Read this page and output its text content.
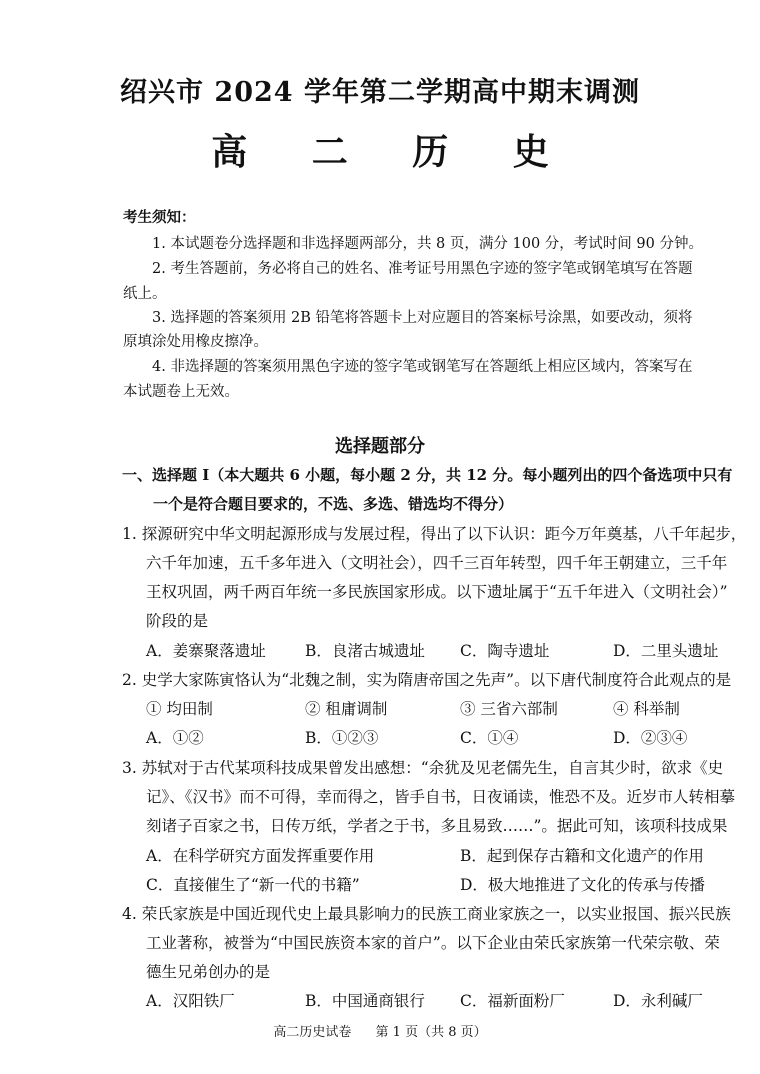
绍兴市 2024 学年第二学期高中期末调测
高 二 历 史
考生须知：
1. 本试题卷分选择题和非选择题两部分，共 8 页，满分 100 分，考试时间 90 分钟。
2. 考生答题前，务必将自己的姓名、准考证号用黑色字迹的签字笔或钢笔填写在答题
纸上。
3. 选择题的答案须用 2B 铅笔将答题卡上对应题目的答案标号涂黑，如要改动，须将
原填涂处用橡皮擦净。
4. 非选择题的答案须用黑色字迹的签字笔或钢笔写在答题纸上相应区域内，答案写在
本试题卷上无效。
选择题部分
一、选择题 I（本大题共 6 小题，每小题 2 分，共 12 分。每小题列出的四个备选项中只有
一个是符合题目要求的，不选、多选、错选均不得分）
1. 探源研究中华文明起源形成与发展过程，得出了以下认识：距今万年奠基，八千年起步，
六千年加速，五千多年进入（文明社会），四千三百年转型，四千年王朝建立，三千年
王权巩固，两千两百年统一多民族国家形成。以下遗址属于“五千年进入（文明社会）”
阶段的是
A．姜寨聚落遗址	B．良渚古城遗址 C．陶寺遗址	D．二里头遗址
2. 史学大家陈寅恪认为“北魏之制，实为隋唐帝国之先声”。以下唐代制度符合此观点的是
① 均田制	② 租庸调制	③ 三省六部制	④ 科举制
A．①②	B．①②③	C．①④	D．②③④
3. 苏轼对于古代某项科技成果曾发出感想：“余犹及见老儒先生，自言其少时，欲求《史
记》、《汉书》而不可得，幸而得之，皆手自书，日夜诵读，惟恐不及。近岁市人转相摹
刻诸子百家之书，日传万纸，学者之于书，多且易致……”。据此可知，该项科技成果
A．在科学研究方面发挥重要作用	B．起到保存古籍和文化遗产的作用
C．直接催生了“新一代的书籍”	D．极大地推进了文化的传承与传播
4. 荣氏家族是中国近现代史上最具影响力的民族工商业家族之一，以实业报国、振兴民族
工业著称，被誉为“中国民族资本家的首户”。以下企业由荣氏家族第一代荣宗敬、荣
德生兄弟创办的是
A．汉阳铁厂	B．中国通商银行 C．福新面粉厂	D．永利碱厂
高二历史试卷 第 1 页（共 8 页）
